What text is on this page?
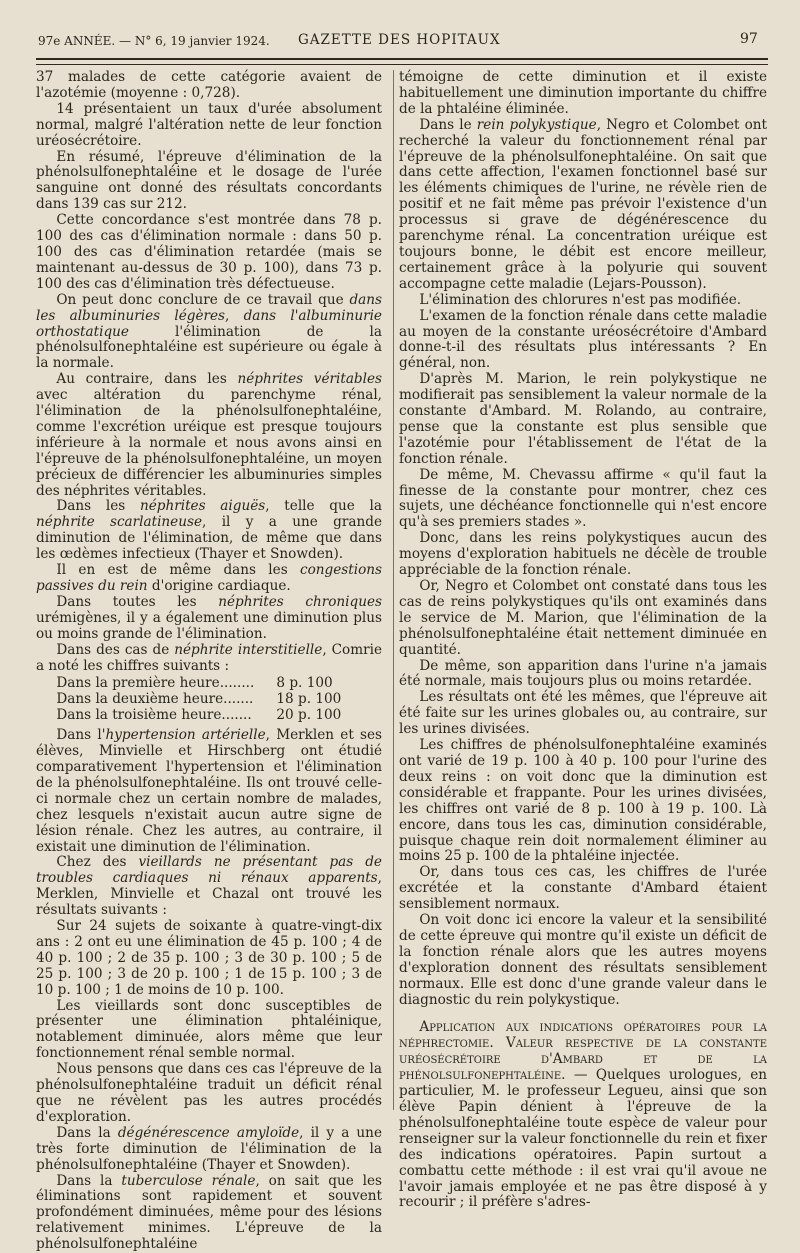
97e ANNÉE. — N° 6, 19 janvier 1924. GAZETTE DES HOPITAUX	97

37 malades de cette catégorie avaient de l'azotémie (moyenne : 0,728).

14 présentaient un taux d'urée absolument normal, malgré l'altération nette de leur fonction uréosécrétoire.

En résumé, l'épreuve d'élimination de la phénolsulfonephtaléine et le dosage de l'urée sanguine ont donné des résultats concordants dans 139 cas sur 212.

Cette concordance s'est montrée dans 78 p. 100 des cas d'élimination normale : dans 50 p. 100 des cas d'élimination retardée (mais se maintenant au-dessus de 30 p. 100), dans 73 p. 100 des cas d'élimination très défectueuse.

On peut donc conclure de ce travail que dans les albuminuries légères, dans l'albuminurie orthostatique l'élimination de la phénolsulfonephtaléine est supérieure ou égale à la normale.

Au contraire, dans les néphrites véritables avec altération du parenchyme rénal, l'élimination de la phénolsulfonephtaléine, comme l'excrétion uréique est presque toujours inférieure à la normale et nous avons ainsi en l'épreuve de la phénolsulfonephtaléine, un moyen précieux de différencier les albuminuries simples des néphrites véritables.

Dans les néphrites aiguës, telle que la néphrite scarlatineuse, il y a une grande diminution de l'élimination, de même que dans les œdèmes infectieux (Thayer et Snowden).

Il en est de même dans les congestions passives du rein d'origine cardiaque.

Dans toutes les néphrites chroniques urémigènes, il y a également une diminution plus ou moins grande de l'élimination.

Dans des cas de néphrite interstitielle, Comrie a noté les chiffres suivants :

Dans la première heure........	8 p. 100
Dans la deuxième heure.......	18 p. 100
Dans la troisième heure.......	20 p. 100

Dans l'hypertension artérielle, Merklen et ses élèves, Minvielle et Hirschberg ont étudié comparativement l'hypertension et l'élimination de la phénolsulfonephtaléine. Ils ont trouvé celle-ci normale chez un certain nombre de malades, chez lesquels n'existait aucun autre signe de lésion rénale. Chez les autres, au contraire, il existait une diminution de l'élimination.

Chez des vieillards ne présentant pas de troubles cardiaques ni rénaux apparents, Merklen, Minvielle et Chazal ont trouvé les résultats suivants :

Sur 24 sujets de soixante à quatre-vingt-dix ans : 2 ont eu une élimination de 45 p. 100 ; 4 de 40 p. 100 ; 2 de 35 p. 100 ; 3 de 30 p. 100 ; 5 de 25 p. 100 ; 3 de 20 p. 100 ; 1 de 15 p. 100 ; 3 de 10 p. 100 ; 1 de moins de 10 p. 100.

Les vieillards sont donc susceptibles de présenter une élimination phtaléinique, notablement diminuée, alors même que leur fonctionnement rénal semble normal.

Nous pensons que dans ces cas l'épreuve de la phénolsulfonephtaléine traduit un déficit rénal que ne révèlent pas les autres procédés d'exploration.

Dans la dégénérescence amyloïde, il y a une très forte diminution de l'élimination de la phénolsulfonephtaléine (Thayer et Snowden).

Dans la tuberculose rénale, on sait que les éliminations sont rapidement et souvent profondément diminuées, même pour des lésions relativement minimes. L'épreuve de la phénolsulfonephtaléine

témoigne de cette diminution et il existe habituellement une diminution importante du chiffre de la phtaléine éliminée.

Dans le rein polykystique, Negro et Colombet ont recherché la valeur du fonctionnement rénal par l'épreuve de la phénolsulfonephtaléine. On sait que dans cette affection, l'examen fonctionnel basé sur les éléments chimiques de l'urine, ne révèle rien de positif et ne fait même pas prévoir l'existence d'un processus si grave de dégénérescence du parenchyme rénal. La concentration uréique est toujours bonne, le débit est encore meilleur, certainement grâce à la polyurie qui souvent accompagne cette maladie (Lejars-Pousson).

L'élimination des chlorures n'est pas modifiée.

L'examen de la fonction rénale dans cette maladie au moyen de la constante uréosécrétoire d'Ambard donne-t-il des résultats plus intéressants ? En général, non.

D'après M. Marion, le rein polykystique ne modifierait pas sensiblement la valeur normale de la constante d'Ambard. M. Rolando, au contraire, pense que la constante est plus sensible que l'azotémie pour l'établissement de l'état de la fonction rénale.

De même, M. Chevassu affirme « qu'il faut la finesse de la constante pour montrer, chez ces sujets, une déchéance fonctionnelle qui n'est encore qu'à ses premiers stades ».

Donc, dans les reins polykystiques aucun des moyens d'exploration habituels ne décèle de trouble appréciable de la fonction rénale.

Or, Negro et Colombet ont constaté dans tous les cas de reins polykystiques qu'ils ont examinés dans le service de M. Marion, que l'élimination de la phénolsulfonephtaléine était nettement diminuée en quantité.

De même, son apparition dans l'urine n'a jamais été normale, mais toujours plus ou moins retardée.

Les résultats ont été les mêmes, que l'épreuve ait été faite sur les urines globales ou, au contraire, sur les urines divisées.

Les chiffres de phénolsulfonephtaléine examinés ont varié de 19 p. 100 à 40 p. 100 pour l'urine des deux reins : on voit donc que la diminution est considérable et frappante. Pour les urines divisées, les chiffres ont varié de 8 p. 100 à 19 p. 100. Là encore, dans tous les cas, diminution considérable, puisque chaque rein doit normalement éliminer au moins 25 p. 100 de la phtaléine injectée.

Or, dans tous ces cas, les chiffres de l'urée excrétée et la constante d'Ambard étaient sensiblement normaux.

On voit donc ici encore la valeur et la sensibilité de cette épreuve qui montre qu'il existe un déficit de la fonction rénale alors que les autres moyens d'exploration donnent des résultats sensiblement normaux. Elle est donc d'une grande valeur dans le diagnostic du rein polykystique.

Application aux indications opératoires pour la néphrectomie. Valeur respective de la constante uréosécrétoire d'Ambard et de la phénolsulfonephtaléine. — Quelques urologues, en particulier, M. le professeur Legueu, ainsi que son élève Papin dénient à l'épreuve de la phénolsulfonephtaléine toute espèce de valeur pour renseigner sur la valeur fonctionnelle du rein et fixer des indications opératoires. Papin surtout a combattu cette méthode : il est vrai qu'il avoue ne l'avoir jamais employée et ne pas être disposé à y recourir ; il préfère s'adres-
